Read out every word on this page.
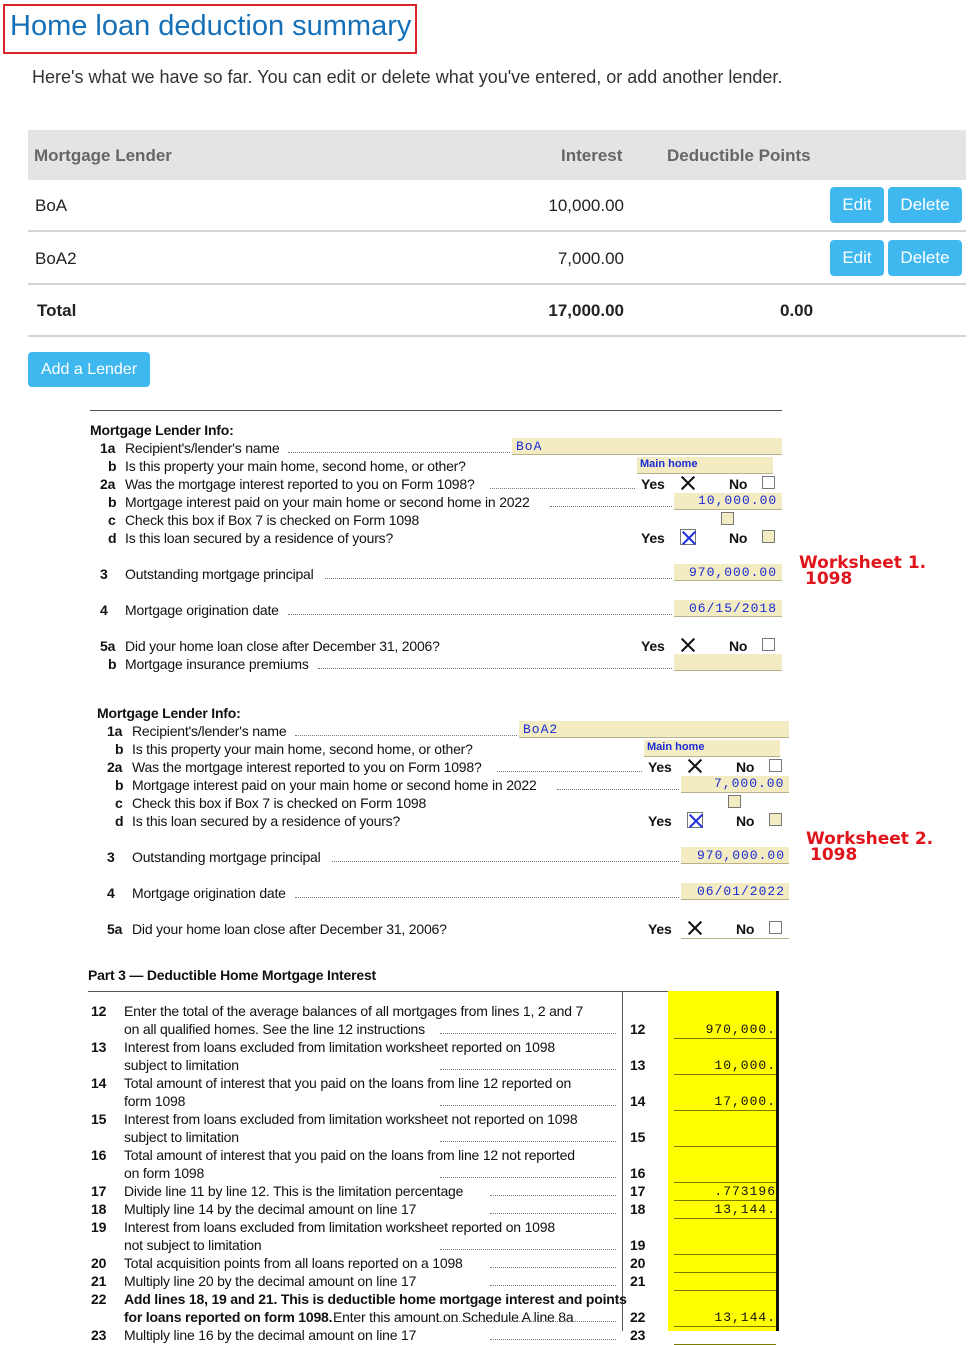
Home loan deduction summary
Here's what we have so far. You can edit or delete what you've entered, or add another lender.
Mortgage Lender	Interest	Deductible Points
BoA	10,000.00	Edit	Delete
BoA2	7,000.00	Edit	Delete
Total	17,000.00	0.00
Add a Lender
Mortgage Lender Info:
1a Recipient's/lender's name	BoA
b Is this property your main home, second home, or other?	Main home
2a Was the mortgage interest reported to you on Form 1098?	Yes	No
b Mortgage interest paid on your main home or second home in 2022	10,000.00
c Check this box if Box 7 is checked on Form 1098
d Is this loan secured by a residence of yours?	Yes	No
3 Outstanding mortgage principal	970,000.00
4 Mortgage origination date	06/15/2018
5a Did your home loan close after December 31, 2006?	Yes	No
b Mortgage insurance premiums
Worksheet 1.
1098
Mortgage Lender Info:
1a Recipient's/lender's name	BoA2
b Is this property your main home, second home, or other?	Main home
2a Was the mortgage interest reported to you on Form 1098?	Yes	No
b Mortgage interest paid on your main home or second home in 2022	7,000.00
c Check this box if Box 7 is checked on Form 1098
d Is this loan secured by a residence of yours?	Yes	No
3 Outstanding mortgage principal	970,000.00
4 Mortgage origination date	06/01/2022
5a Did your home loan close after December 31, 2006?	Yes	No
Worksheet 2.
1098
Part 3 — Deductible Home Mortgage Interest
12 Enter the total of the average balances of all mortgages from lines 1, 2 and 7
on all qualified homes. See the line 12 instructions	12	970,000.
13 Interest from loans excluded from limitation worksheet reported on 1098
subject to limitation	13	10,000.
14 Total amount of interest that you paid on the loans from line 12 reported on
form 1098	14	17,000.
15 Interest from loans excluded from limitation worksheet not reported on 1098
subject to limitation	15
16 Total amount of interest that you paid on the loans from line 12 not reported
on form 1098	16
17 Divide line 11 by line 12. This is the limitation percentage	17	.773196
18 Multiply line 14 by the decimal amount on line 17	18	13,144.
19 Interest from loans excluded from limitation worksheet reported on 1098
not subject to limitation	19
20 Total acquisition points from all loans reported on a 1098	20
21 Multiply line 20 by the decimal amount on line 17	21
22 Add lines 18, 19 and 21. This is deductible home mortgage interest and points
for loans reported on form 1098. Enter this amount on Schedule A line 8a	22	13,144.
23 Multiply line 16 by the decimal amount on line 17	23
